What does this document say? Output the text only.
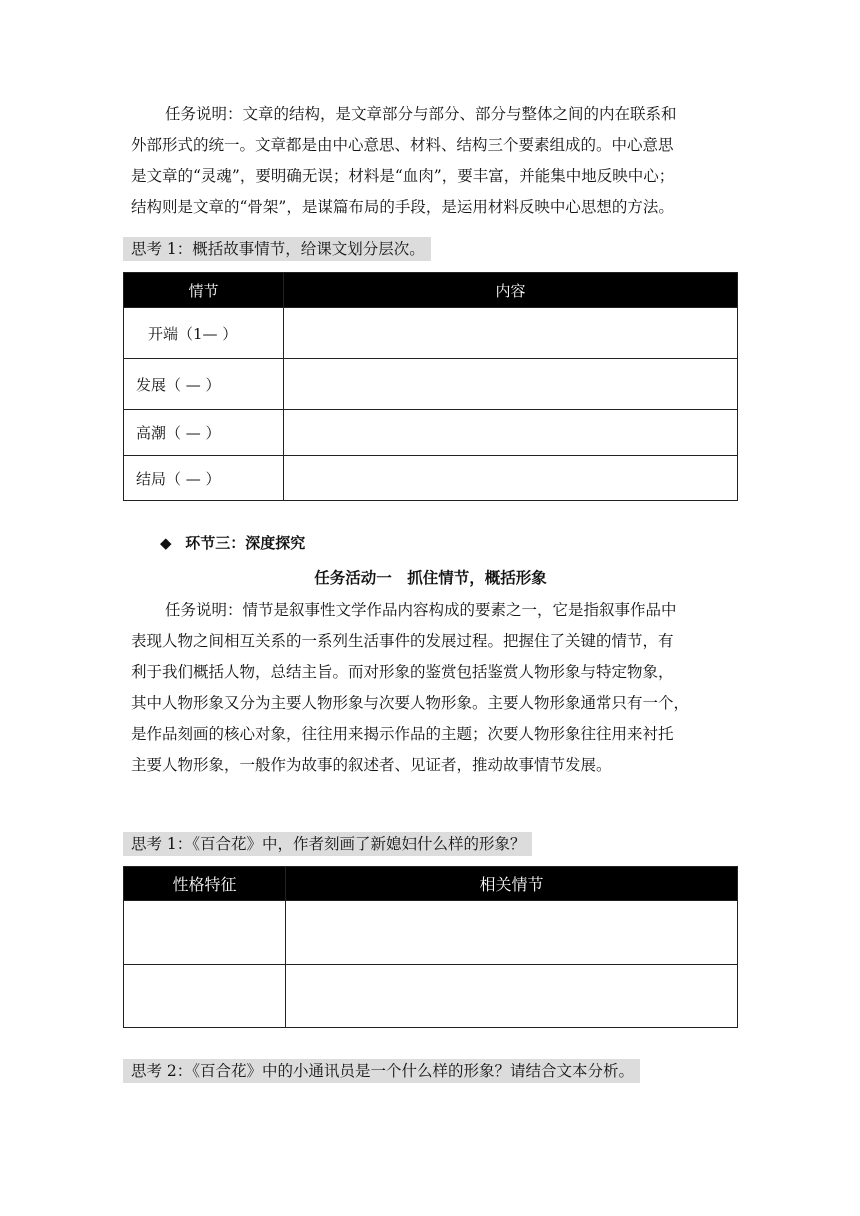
任务说明：文章的结构，是文章部分与部分、部分与整体之间的内在联系和
外部形式的统一。文章都是由中心意思、材料、结构三个要素组成的。中心意思
是文章的“灵魂”，要明确无误；材料是“血肉”，要丰富，并能集中地反映中心；
结构则是文章的“骨架”，是谋篇布局的手段，是运用材料反映中心思想的方法。
思考 1：概括故事情节，给课文划分层次。
情节	内容
开端（1— ）	
发展（ — ）	
高潮（ — ）	
结局（ — ）	
◆ 环节三：深度探究
任务活动一　抓住情节，概括形象
任务说明：情节是叙事性文学作品内容构成的要素之一，它是指叙事作品中
表现人物之间相互关系的一系列生活事件的发展过程。把握住了关键的情节，有
利于我们概括人物，总结主旨。而对形象的鉴赏包括鉴赏人物形象与特定物象，
其中人物形象又分为主要人物形象与次要人物形象。主要人物形象通常只有一个，
是作品刻画的核心对象，往往用来揭示作品的主题；次要人物形象往往用来衬托
主要人物形象，一般作为故事的叙述者、见证者，推动故事情节发展。
思考 1：《百合花》中，作者刻画了新媳妇什么样的形象？
性格特征	相关情节

思考 2：《百合花》中的小通讯员是一个什么样的形象？请结合文本分析。
